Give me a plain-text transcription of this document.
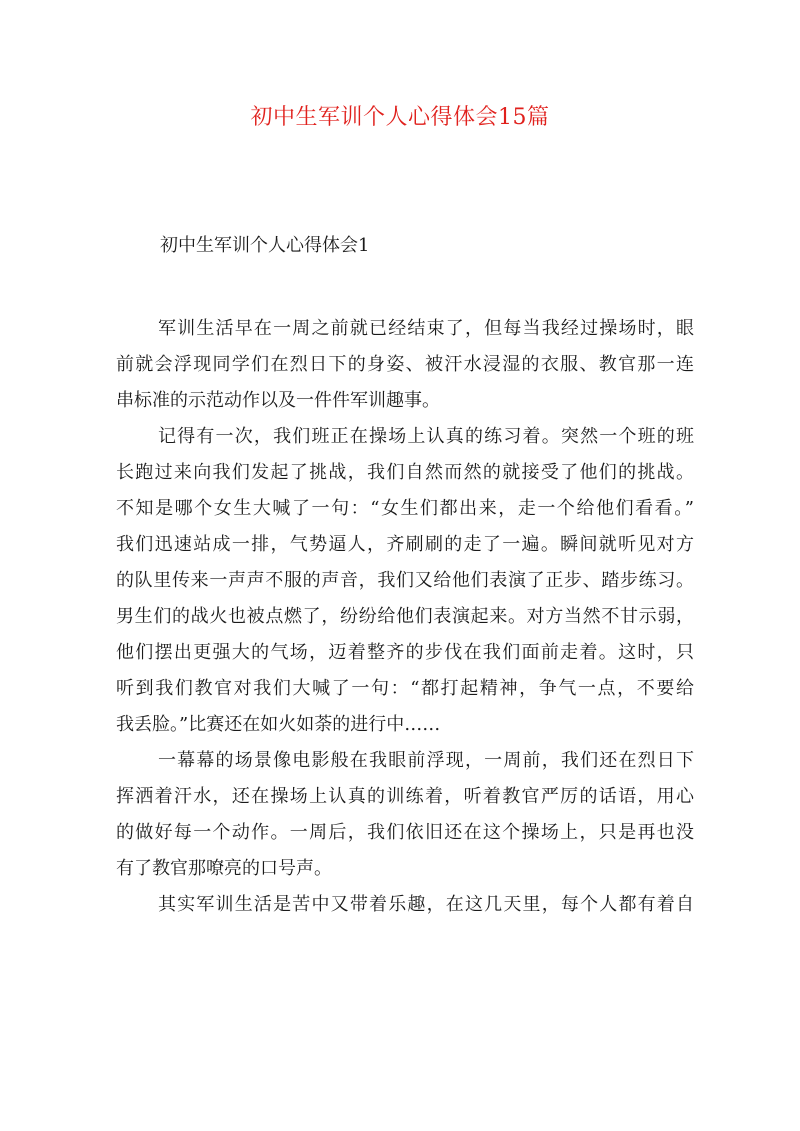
初中生军训个人心得体会15篇
初中生军训个人心得体会1

军训生活早在一周之前就已经结束了，但每当我经过操场时，眼
前就会浮现同学们在烈日下的身姿、被汗水浸湿的衣服、教官那一连
串标准的示范动作以及一件件军训趣事。

记得有一次，我们班正在操场上认真的练习着。突然一个班的班
长跑过来向我们发起了挑战，我们自然而然的就接受了他们的挑战。
不知是哪个女生大喊了一句：“女生们都出来，走一个给他们看看。”
我们迅速站成一排，气势逼人，齐刷刷的走了一遍。瞬间就听见对方
的队里传来一声声不服的声音，我们又给他们表演了正步、踏步练习。
男生们的战火也被点燃了，纷纷给他们表演起来。对方当然不甘示弱，
他们摆出更强大的气场，迈着整齐的步伐在我们面前走着。这时，只
听到我们教官对我们大喊了一句：“都打起精神，争气一点，不要给
我丢脸。”比赛还在如火如荼的进行中……

一幕幕的场景像电影般在我眼前浮现，一周前，我们还在烈日下
挥洒着汗水，还在操场上认真的训练着，听着教官严厉的话语，用心
的做好每一个动作。一周后，我们依旧还在这个操场上，只是再也没
有了教官那嘹亮的口号声。

其实军训生活是苦中又带着乐趣，在这几天里，每个人都有着自
